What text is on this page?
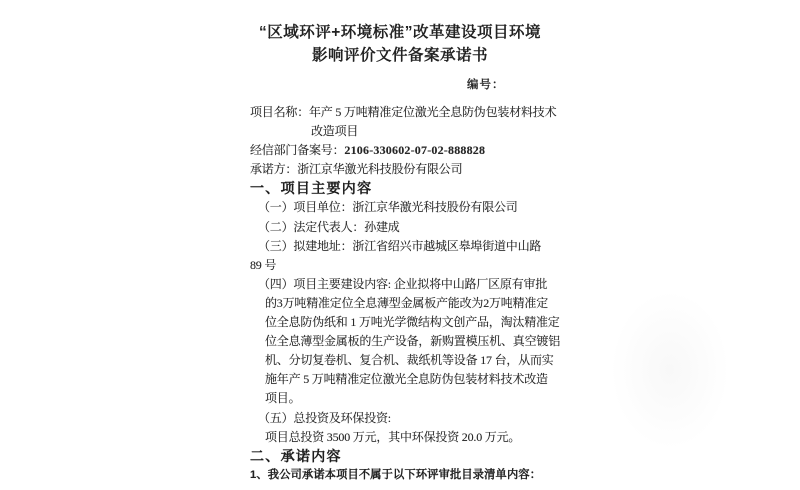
“区域环评+环境标准”改革建设项目环境
影响评价文件备案承诺书
编号：
项目名称：年产 5 万吨精准定位激光全息防伪包装材料技术
改造项目
经信部门备案号：2106-330602-07-02-888828
承诺方：浙江京华激光科技股份有限公司
一、项目主要内容
（一）项目单位：浙江京华激光科技股份有限公司
（二）法定代表人：孙建成
（三）拟建地址：浙江省绍兴市越城区皋埠街道中山路
89 号
（四）项目主要建设内容: 企业拟将中山路厂区原有审批
的3万吨精准定位全息薄型金属板产能改为2万吨精准定
位全息防伪纸和 1 万吨光学微结构文创产品，淘汰精准定
位全息薄型金属板的生产设备，新购置模压机、真空镀铝
机、分切复卷机、复合机、裁纸机等设备 17 台，从而实
施年产 5 万吨精准定位激光全息防伪包装材料技术改造
项目。
（五）总投资及环保投资:
项目总投资 3500 万元，其中环保投资 20.0 万元。
二、承诺内容
1、我公司承诺本项目不属于以下环评审批目录清单内容：
